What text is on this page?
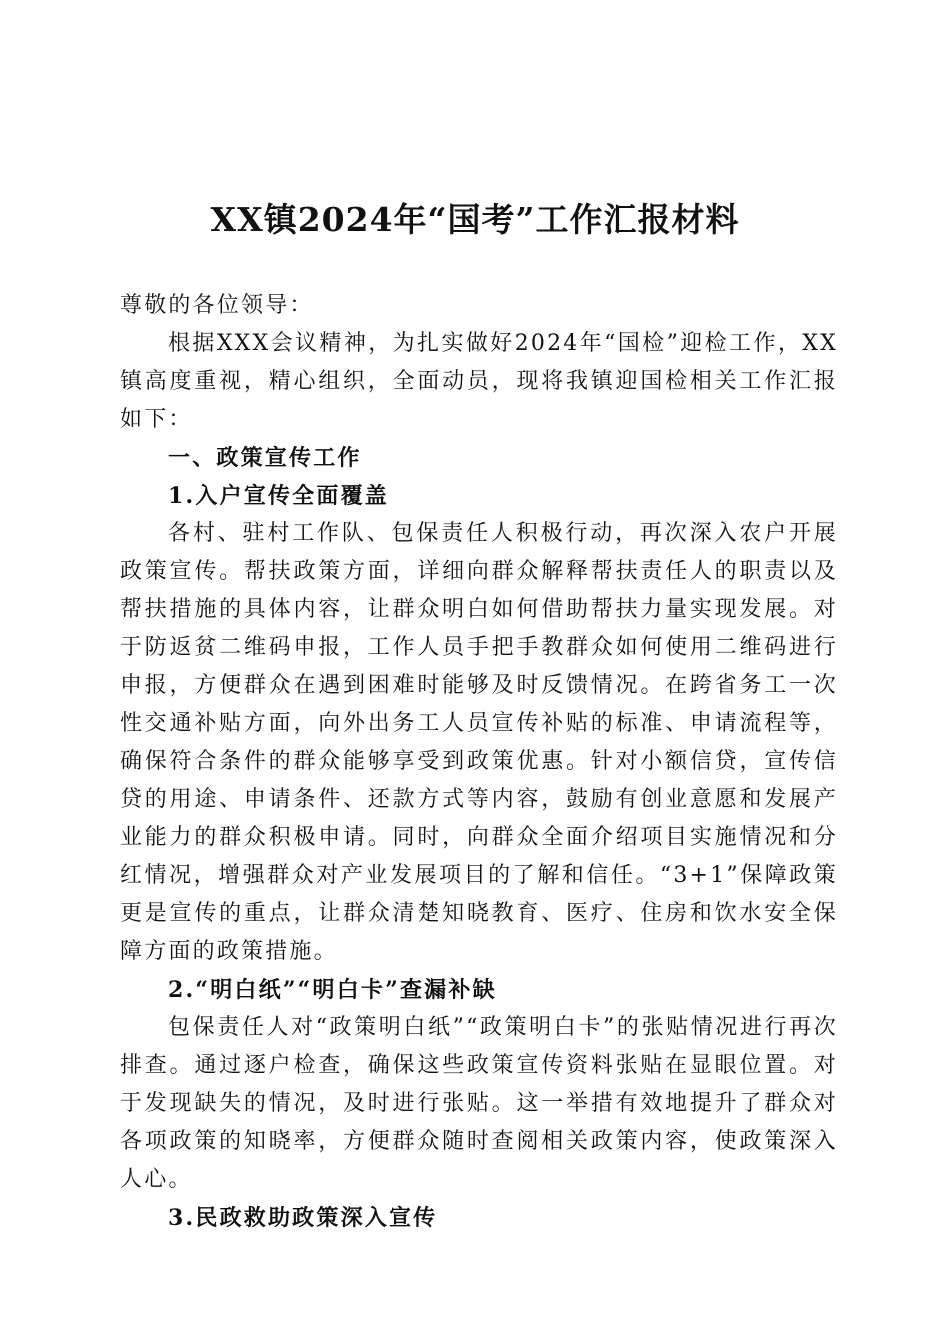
XX镇2024年“国考”工作汇报材料

尊敬的各位领导：

根据XXX会议精神，为扎实做好2024年“国检”迎检工作，XX镇高度重视，精心组织，全面动员，现将我镇迎国检相关工作汇报如下：

一、政策宣传工作

1.入户宣传全面覆盖

各村、驻村工作队、包保责任人积极行动，再次深入农户开展政策宣传。帮扶政策方面，详细向群众解释帮扶责任人的职责以及帮扶措施的具体内容，让群众明白如何借助帮扶力量实现发展。对于防返贫二维码申报，工作人员手把手教群众如何使用二维码进行申报，方便群众在遇到困难时能够及时反馈情况。在跨省务工一次性交通补贴方面，向外出务工人员宣传补贴的标准、申请流程等，确保符合条件的群众能够享受到政策优惠。针对小额信贷，宣传信贷的用途、申请条件、还款方式等内容，鼓励有创业意愿和发展产业能力的群众积极申请。同时，向群众全面介绍项目实施情况和分红情况，增强群众对产业发展项目的了解和信任。“3+1”保障政策更是宣传的重点，让群众清楚知晓教育、医疗、住房和饮水安全保障方面的政策措施。

2.“明白纸”“明白卡”查漏补缺

包保责任人对“政策明白纸”“政策明白卡”的张贴情况进行再次排查。通过逐户检查，确保这些政策宣传资料张贴在显眼位置。对于发现缺失的情况，及时进行张贴。这一举措有效地提升了群众对各项政策的知晓率，方便群众随时查阅相关政策内容，使政策深入人心。

3.民政救助政策深入宣传
